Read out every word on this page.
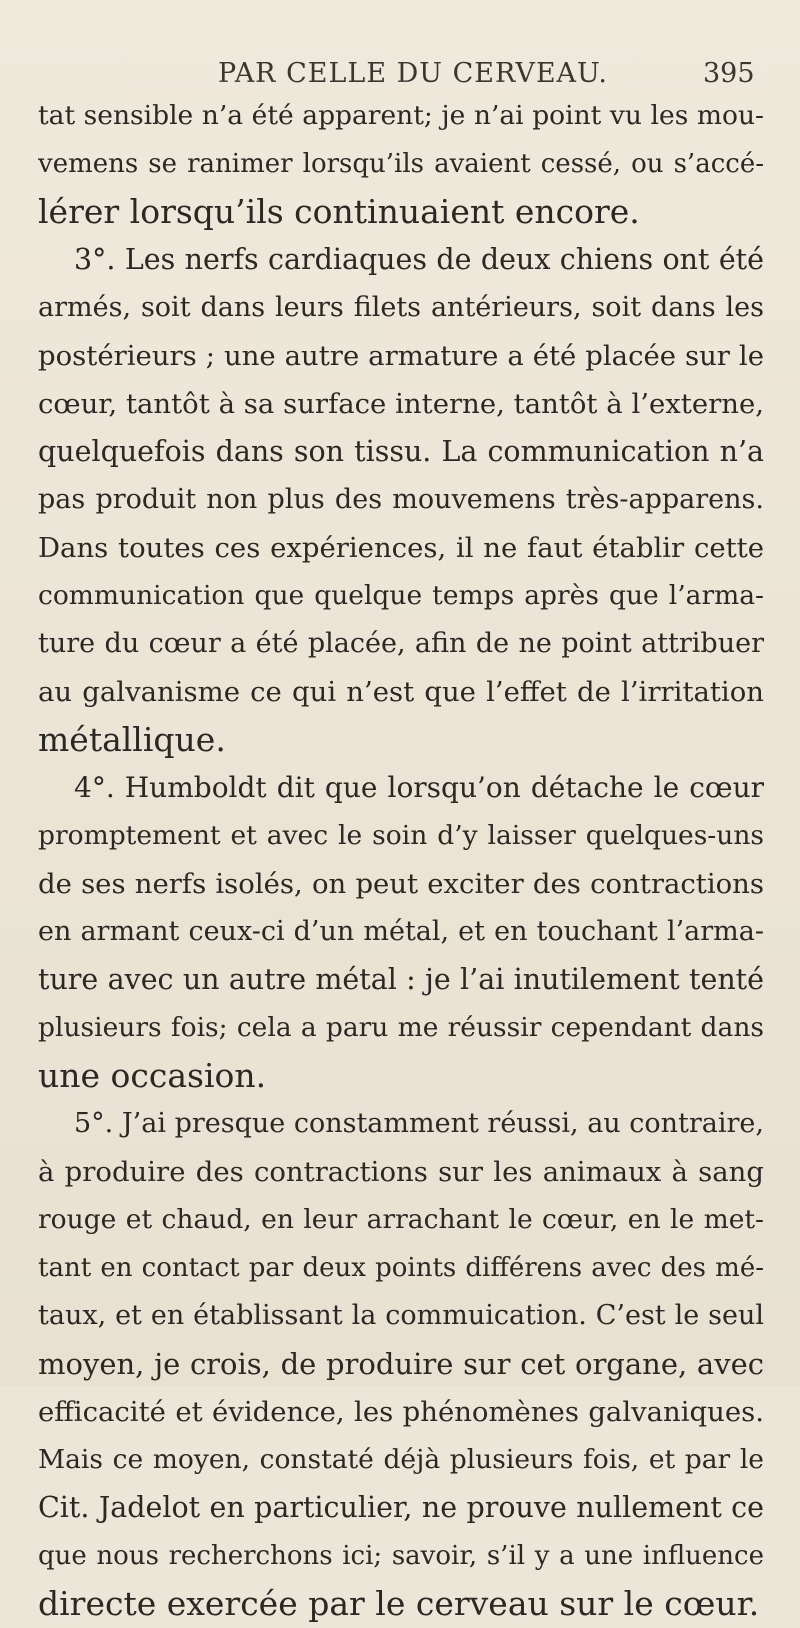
PAR CELLE DU CERVEAU.	395
tat sensible n’a été apparent; je n’ai point vu les mou-
vemens se ranimer lorsqu’ils avaient cessé, ou s’accé-
lérer lorsqu’ils continuaient encore.
3°. Les nerfs cardiaques de deux chiens ont été
armés, soit dans leurs filets antérieurs, soit dans les
postérieurs ; une autre armature a été placée sur le
cœur, tantôt à sa surface interne, tantôt à l’externe,
quelquefois dans son tissu. La communication n’a
pas produit non plus des mouvemens très-apparens.
Dans toutes ces expériences, il ne faut établir cette
communication que quelque temps après que l’arma-
ture du cœur a été placée, afin de ne point attribuer
au galvanisme ce qui n’est que l’effet de l’irritation
métallique.
4°. Humboldt dit que lorsqu’on détache le cœur
promptement et avec le soin d’y laisser quelques-uns
de ses nerfs isolés, on peut exciter des contractions
en armant ceux-ci d’un métal, et en touchant l’arma-
ture avec un autre métal : je l’ai inutilement tenté
plusieurs fois; cela a paru me réussir cependant dans
une occasion.
5°. J’ai presque constamment réussi, au contraire,
à produire des contractions sur les animaux à sang
rouge et chaud, en leur arrachant le cœur, en le met-
tant en contact par deux points différens avec des mé-
taux, et en établissant la commuication. C’est le seul
moyen, je crois, de produire sur cet organe, avec
efficacité et évidence, les phénomènes galvaniques.
Mais ce moyen, constaté déjà plusieurs fois, et par le
Cit. Jadelot en particulier, ne prouve nullement ce
que nous recherchons ici; savoir, s’il y a une influence
directe exercée par le cerveau sur le cœur.
